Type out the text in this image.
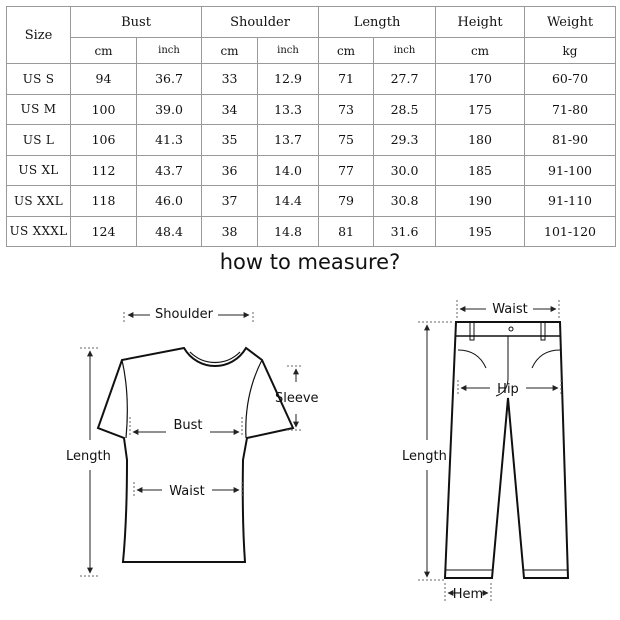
Size	Bust		Shoulder		Length		Height	Weight
	cm	inch	cm	inch	cm	inch	cm	kg
US S	94	36.7	33	12.9	71	27.7	170	60-70
US M	100	39.0	34	13.3	73	28.5	175	71-80
US L	106	41.3	35	13.7	75	29.3	180	81-90
US XL	112	43.7	36	14.0	77	30.0	185	91-100
US XXL	118	46.0	37	14.4	79	30.8	190	91-110
US XXXL	124	48.4	38	14.8	81	31.6	195	101-120
how to measure?
Shoulder
Sleeve
Bust
Waist
Length
Waist
Hip
Length
Hem
